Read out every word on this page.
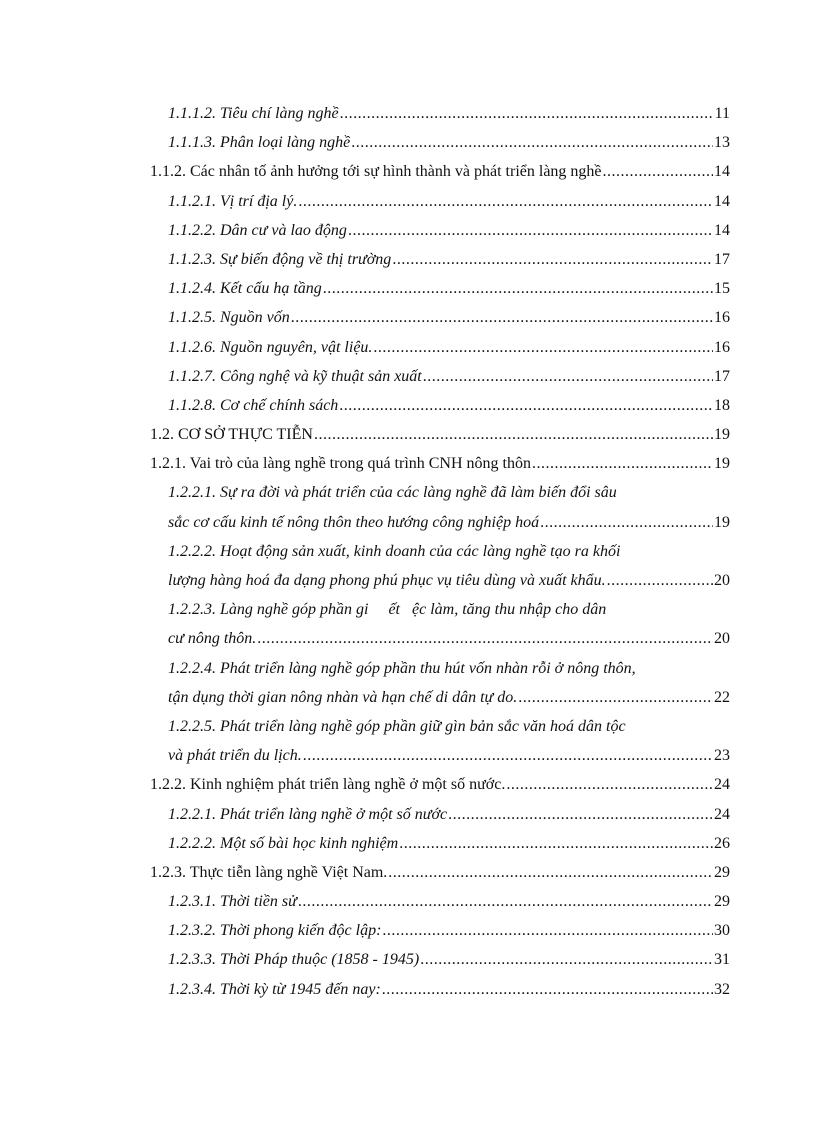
1.1.1.2. Tiêu chí làng nghề .....	11
1.1.1.3. Phân loại làng nghề .....	13
1.1.2. Các nhân tố ảnh hưởng tới sự hình thành và phát triển làng nghề .....	14
1.1.2.1. Vị trí địa lý. .....	14
1.1.2.2. Dân cư và lao động .....	14
1.1.2.3. Sự biến động về thị trường .....	17
1.1.2.4. Kết cấu hạ tầng .....	15
1.1.2.5. Nguồn vốn .....	16
1.1.2.6. Nguồn nguyên, vật liệu. .....	16
1.1.2.7. Công nghệ và kỹ thuật sản xuất .....	17
1.1.2.8. Cơ chế chính sách .....	18
1.2. CƠ SỞ THỰC TIỄN .....	19
1.2.1. Vai trò của làng nghề trong quá trình CNH nông thôn .....	19
1.2.2.1. Sự ra đời và phát triển của các làng nghề đã làm biến đổi sâu
sắc cơ cấu kinh tế nông thôn theo hướng công nghiệp hoá .....	19
1.2.2.2. Hoạt động sản xuất, kinh doanh của các làng nghề tạo ra khối
lượng hàng hoá đa dạng phong phú phục vụ tiêu dùng và xuất khẩu. .....	20
1.2.2.3. Làng nghề góp phần gi     ết   ệc làm, tăng thu nhập cho dân
cư nông thôn. .....	20
1.2.2.4. Phát triển làng nghề góp phần thu hút vốn nhàn rỗi ở nông thôn,
tận dụng thời gian nông nhàn và hạn chế di dân tự do. .....	22
1.2.2.5. Phát triển làng nghề góp phần giữ gìn bản sắc văn hoá dân tộc
và phát triển du lịch. .....	23
1.2.2. Kinh nghiệm phát triển làng nghề ở một số nước. .....	24
1.2.2.1. Phát triển làng nghề ở một số nước .....	24
1.2.2.2. Một số bài học kinh nghiệm .....	26
1.2.3. Thực tiễn làng nghề Việt Nam. .....	29
1.2.3.1. Thời tiền sử .....	29
1.2.3.2. Thời phong kiến độc lập: .....	30
1.2.3.3. Thời Pháp thuộc (1858 - 1945) .....	31
1.2.3.4. Thời kỳ từ 1945 đến nay: .....	32
